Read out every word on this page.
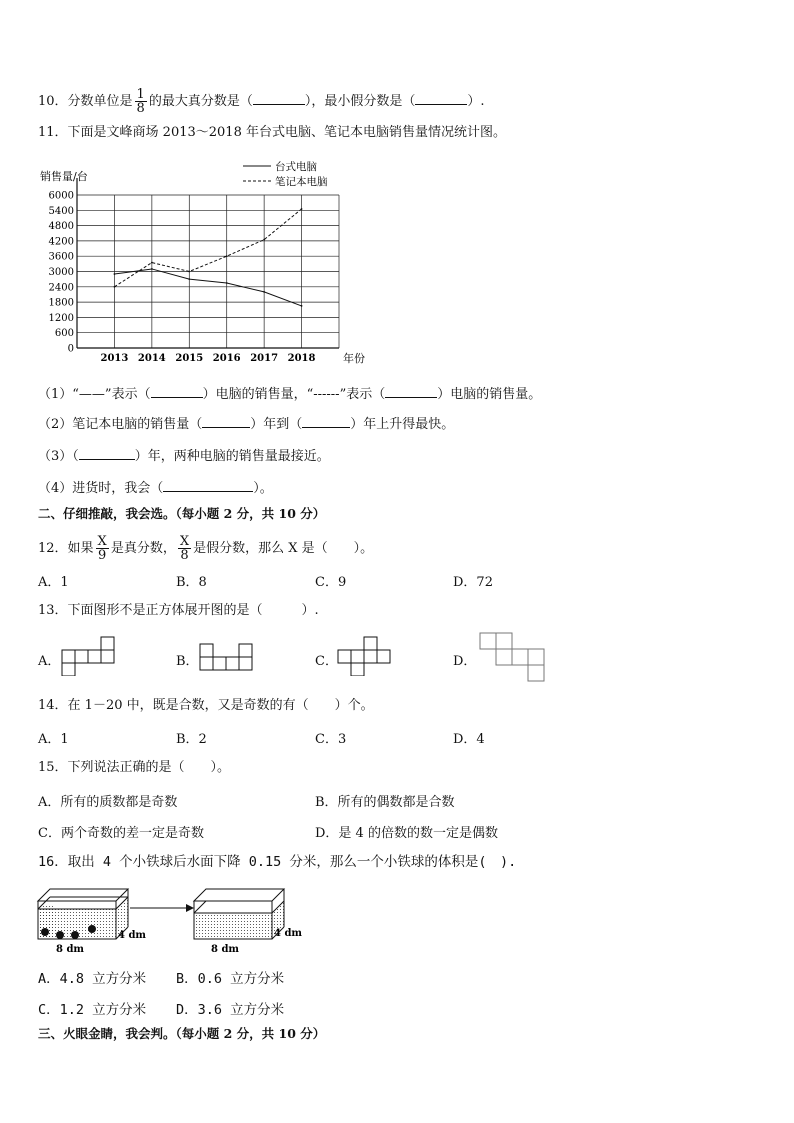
10．分数单位是 $\frac{1}{8}$ 的最大真分数是（	），最小假分数是（	）.
11．下面是文峰商场 2013～2018 年台式电脑、笔记本电脑销售量情况统计图。
0
600
1200
1800
2400
3000
3600
4200
4800
5400
6000
2013 2014 2015 2016 2017 2018
销售量/台
年份
台式电脑
笔记本电脑
（1）“——”表示（	）电脑的销售量，“------”表示（	）电脑的销售量。
（2）笔记本电脑的销售量（	）年到（	）年上升得最快。
（3）（	）年，两种电脑的销售量最接近。
（4）进货时，我会（	）。
二、仔细推敲，我会选。（每小题 2 分，共 10 分）
12．如果 $\frac{X}{9}$ 是真分数， $\frac{X}{8}$ 是假分数，那么 X 是（　　）。
A．1	B．8	C．9	D．72
13．下面图形不是正方体展开图的是（　　　）.
A．	B．	C．	D．
14．在 1－20 中，既是合数，又是奇数的有（　　）个。
A．1	B．2	C．3	D．4
15．下列说法正确的是（　　）。
A．所有的质数都是奇数	B．所有的偶数都是合数
C．两个奇数的差一定是奇数	D．是 4 的倍数的数一定是偶数
16．取出 4 个小铁球后水面下降 0.15 分米，那么一个小铁球的体积是(　).
4 dm
8 dm
4 dm
8 dm
A．4.8 立方分米 B．0.6 立方分米
C．1.2 立方分米 D．3.6 立方分米
三、火眼金睛，我会判。（每小题 2 分，共 10 分）
